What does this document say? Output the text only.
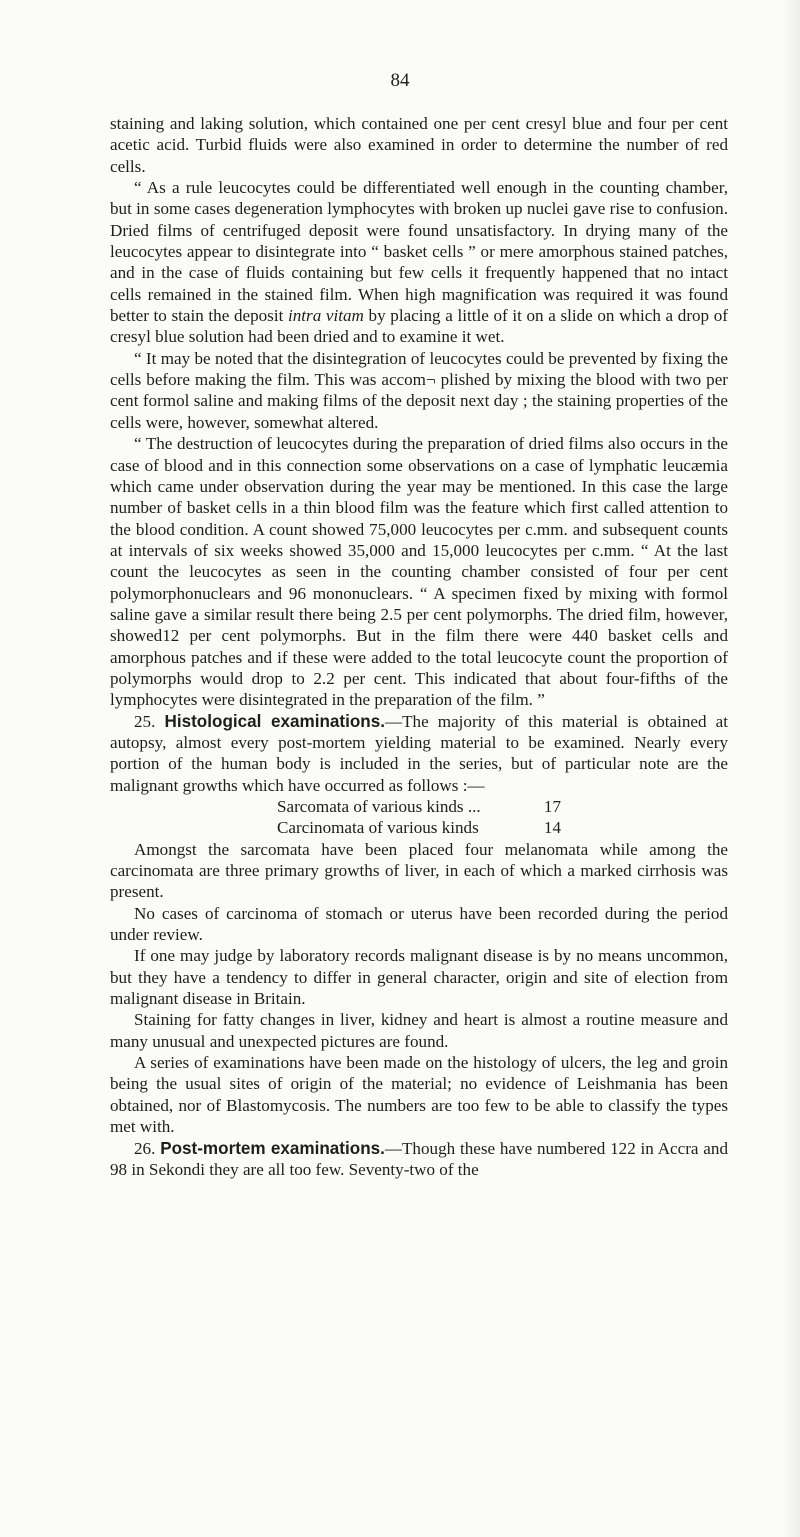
84

staining and laking solution, which contained one per cent cresyl blue and four per cent acetic acid. Turbid fluids were also examined in order to determine the number of red cells.

“ As a rule leucocytes could be differentiated well enough in the counting chamber, but in some cases degeneration lymphocytes with broken up nuclei gave rise to confusion. Dried films of centrifuged deposit were found unsatisfactory. In drying many of the leucocytes appear to disintegrate into “ basket cells ” or mere amorphous stained patches, and in the case of fluids containing but few cells it frequently happened that no intact cells remained in the stained film. When high magnification was required it was found better to stain the deposit intra vitam by placing a little of it on a slide on which a drop of cresyl blue solution had been dried and to examine it wet.

“ It may be noted that the disintegration of leucocytes could be prevented by fixing the cells before making the film. This was accom¬ plished by mixing the blood with two per cent formol saline and making films of the deposit next day ; the staining properties of the cells were, however, somewhat altered.

“ The destruction of leucocytes during the preparation of dried films also occurs in the case of blood and in this connection some observations on a case of lymphatic leucæmia which came under observation during the year may be mentioned. In this case the large number of basket cells in a thin blood film was the feature which first called attention to the blood condition. A count showed 75,000 leucocytes per c.mm. and subsequent counts at intervals of six weeks showed 35,000 and 15,000 leucocytes per c.mm. “ At the last count the leucocytes as seen in the counting chamber consisted of four per cent polymorphonuclears and 96 mononuclears. “ A specimen fixed by mixing with formol saline gave a similar result there being 2.5 per cent polymorphs. The dried film, however, showed12 per cent polymorphs. But in the film there were 440 basket cells and amorphous patches and if these were added to the total leucocyte count the proportion of polymorphs would drop to 2.2 per cent. This indicated that about four-fifths of the lymphocytes were disintegrated in the preparation of the film. ”

25. Histological examinations.—The majority of this material is obtained at autopsy, almost every post-mortem yielding material to be examined. Nearly every portion of the human body is included in the series, but of particular note are the malignant growths which have occurred as follows :—

Sarcomata of various kinds ...	17
Carcinomata of various kinds	14

Amongst the sarcomata have been placed four melanomata while among the carcinomata are three primary growths of liver, in each of which a marked cirrhosis was present.

No cases of carcinoma of stomach or uterus have been recorded during the period under review.

If one may judge by laboratory records malignant disease is by no means uncommon, but they have a tendency to differ in general character, origin and site of election from malignant disease in Britain.

Staining for fatty changes in liver, kidney and heart is almost a routine measure and many unusual and unexpected pictures are found.

A series of examinations have been made on the histology of ulcers, the leg and groin being the usual sites of origin of the material; no evidence of Leishmania has been obtained, nor of Blastomycosis. The numbers are too few to be able to classify the types met with.

26. Post-mortem examinations.—Though these have numbered 122 in Accra and 98 in Sekondi they are all too few. Seventy-two of the
